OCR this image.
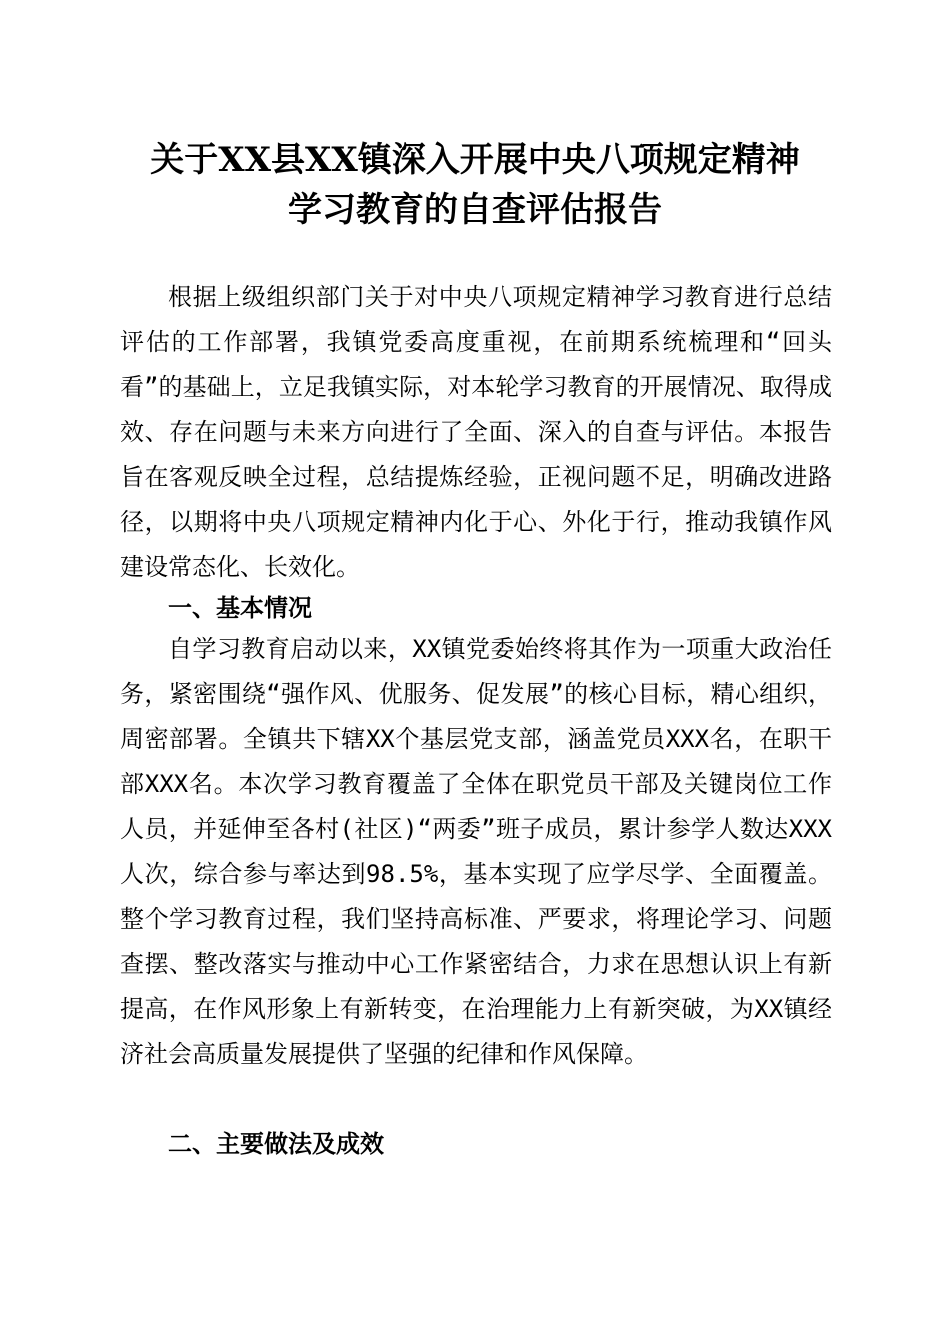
关于XX县XX镇深入开展中央八项规定精神
学习教育的自查评估报告

根据上级组织部门关于对中央八项规定精神学习教育进行总结评估的工作部署，我镇党委高度重视，在前期系统梳理和“回头看”的基础上，立足我镇实际，对本轮学习教育的开展情况、取得成效、存在问题与未来方向进行了全面、深入的自查与评估。本报告旨在客观反映全过程，总结提炼经验，正视问题不足，明确改进路径，以期将中央八项规定精神内化于心、外化于行，推动我镇作风建设常态化、长效化。

一、基本情况

自学习教育启动以来，XX镇党委始终将其作为一项重大政治任务，紧密围绕“强作风、优服务、促发展”的核心目标，精心组织，周密部署。全镇共下辖XX个基层党支部，涵盖党员XXX名，在职干部XXX名。本次学习教育覆盖了全体在职党员干部及关键岗位工作人员，并延伸至各村(社区)“两委”班子成员，累计参学人数达XXX人次，综合参与率达到98.5%，基本实现了应学尽学、全面覆盖。整个学习教育过程，我们坚持高标准、严要求，将理论学习、问题查摆、整改落实与推动中心工作紧密结合，力求在思想认识上有新提高，在作风形象上有新转变，在治理能力上有新突破，为XX镇经济社会高质量发展提供了坚强的纪律和作风保障。

二、主要做法及成效
